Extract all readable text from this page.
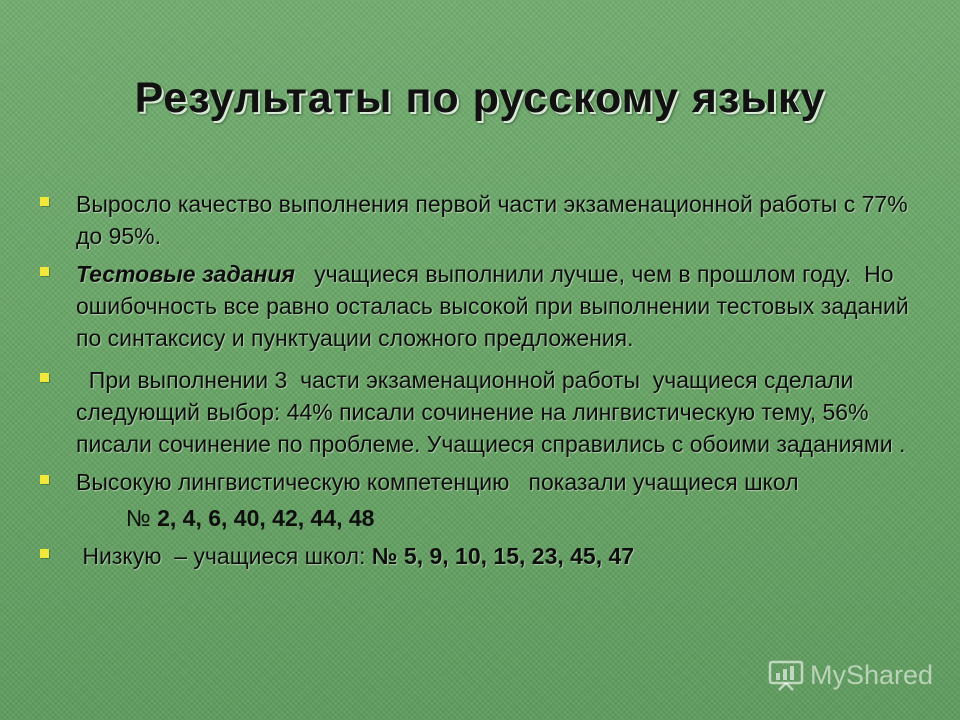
Результаты по русскому языку
Выросло качество выполнения первой части экзаменационной работы с 77% до 95%.
Тестовые задания   учащиеся выполнили лучше, чем в прошлом году.  Но ошибочность все равно осталась высокой при выполнении тестовых заданий по синтаксису и пунктуации сложного предложения.
При выполнении 3  части экзаменационной работы  учащиеся сделали следующий выбор: 44% писали сочинение на лингвистическую тему, 56% писали сочинение по проблеме. Учащиеся справились с обоими заданиями .
Высокую лингвистическую компетенцию   показали учащиеся школ
№ 2, 4, 6, 40, 42, 44, 48
Низкую  – учащиеся школ: № 5, 9, 10, 15, 23, 45, 47
MyShared
